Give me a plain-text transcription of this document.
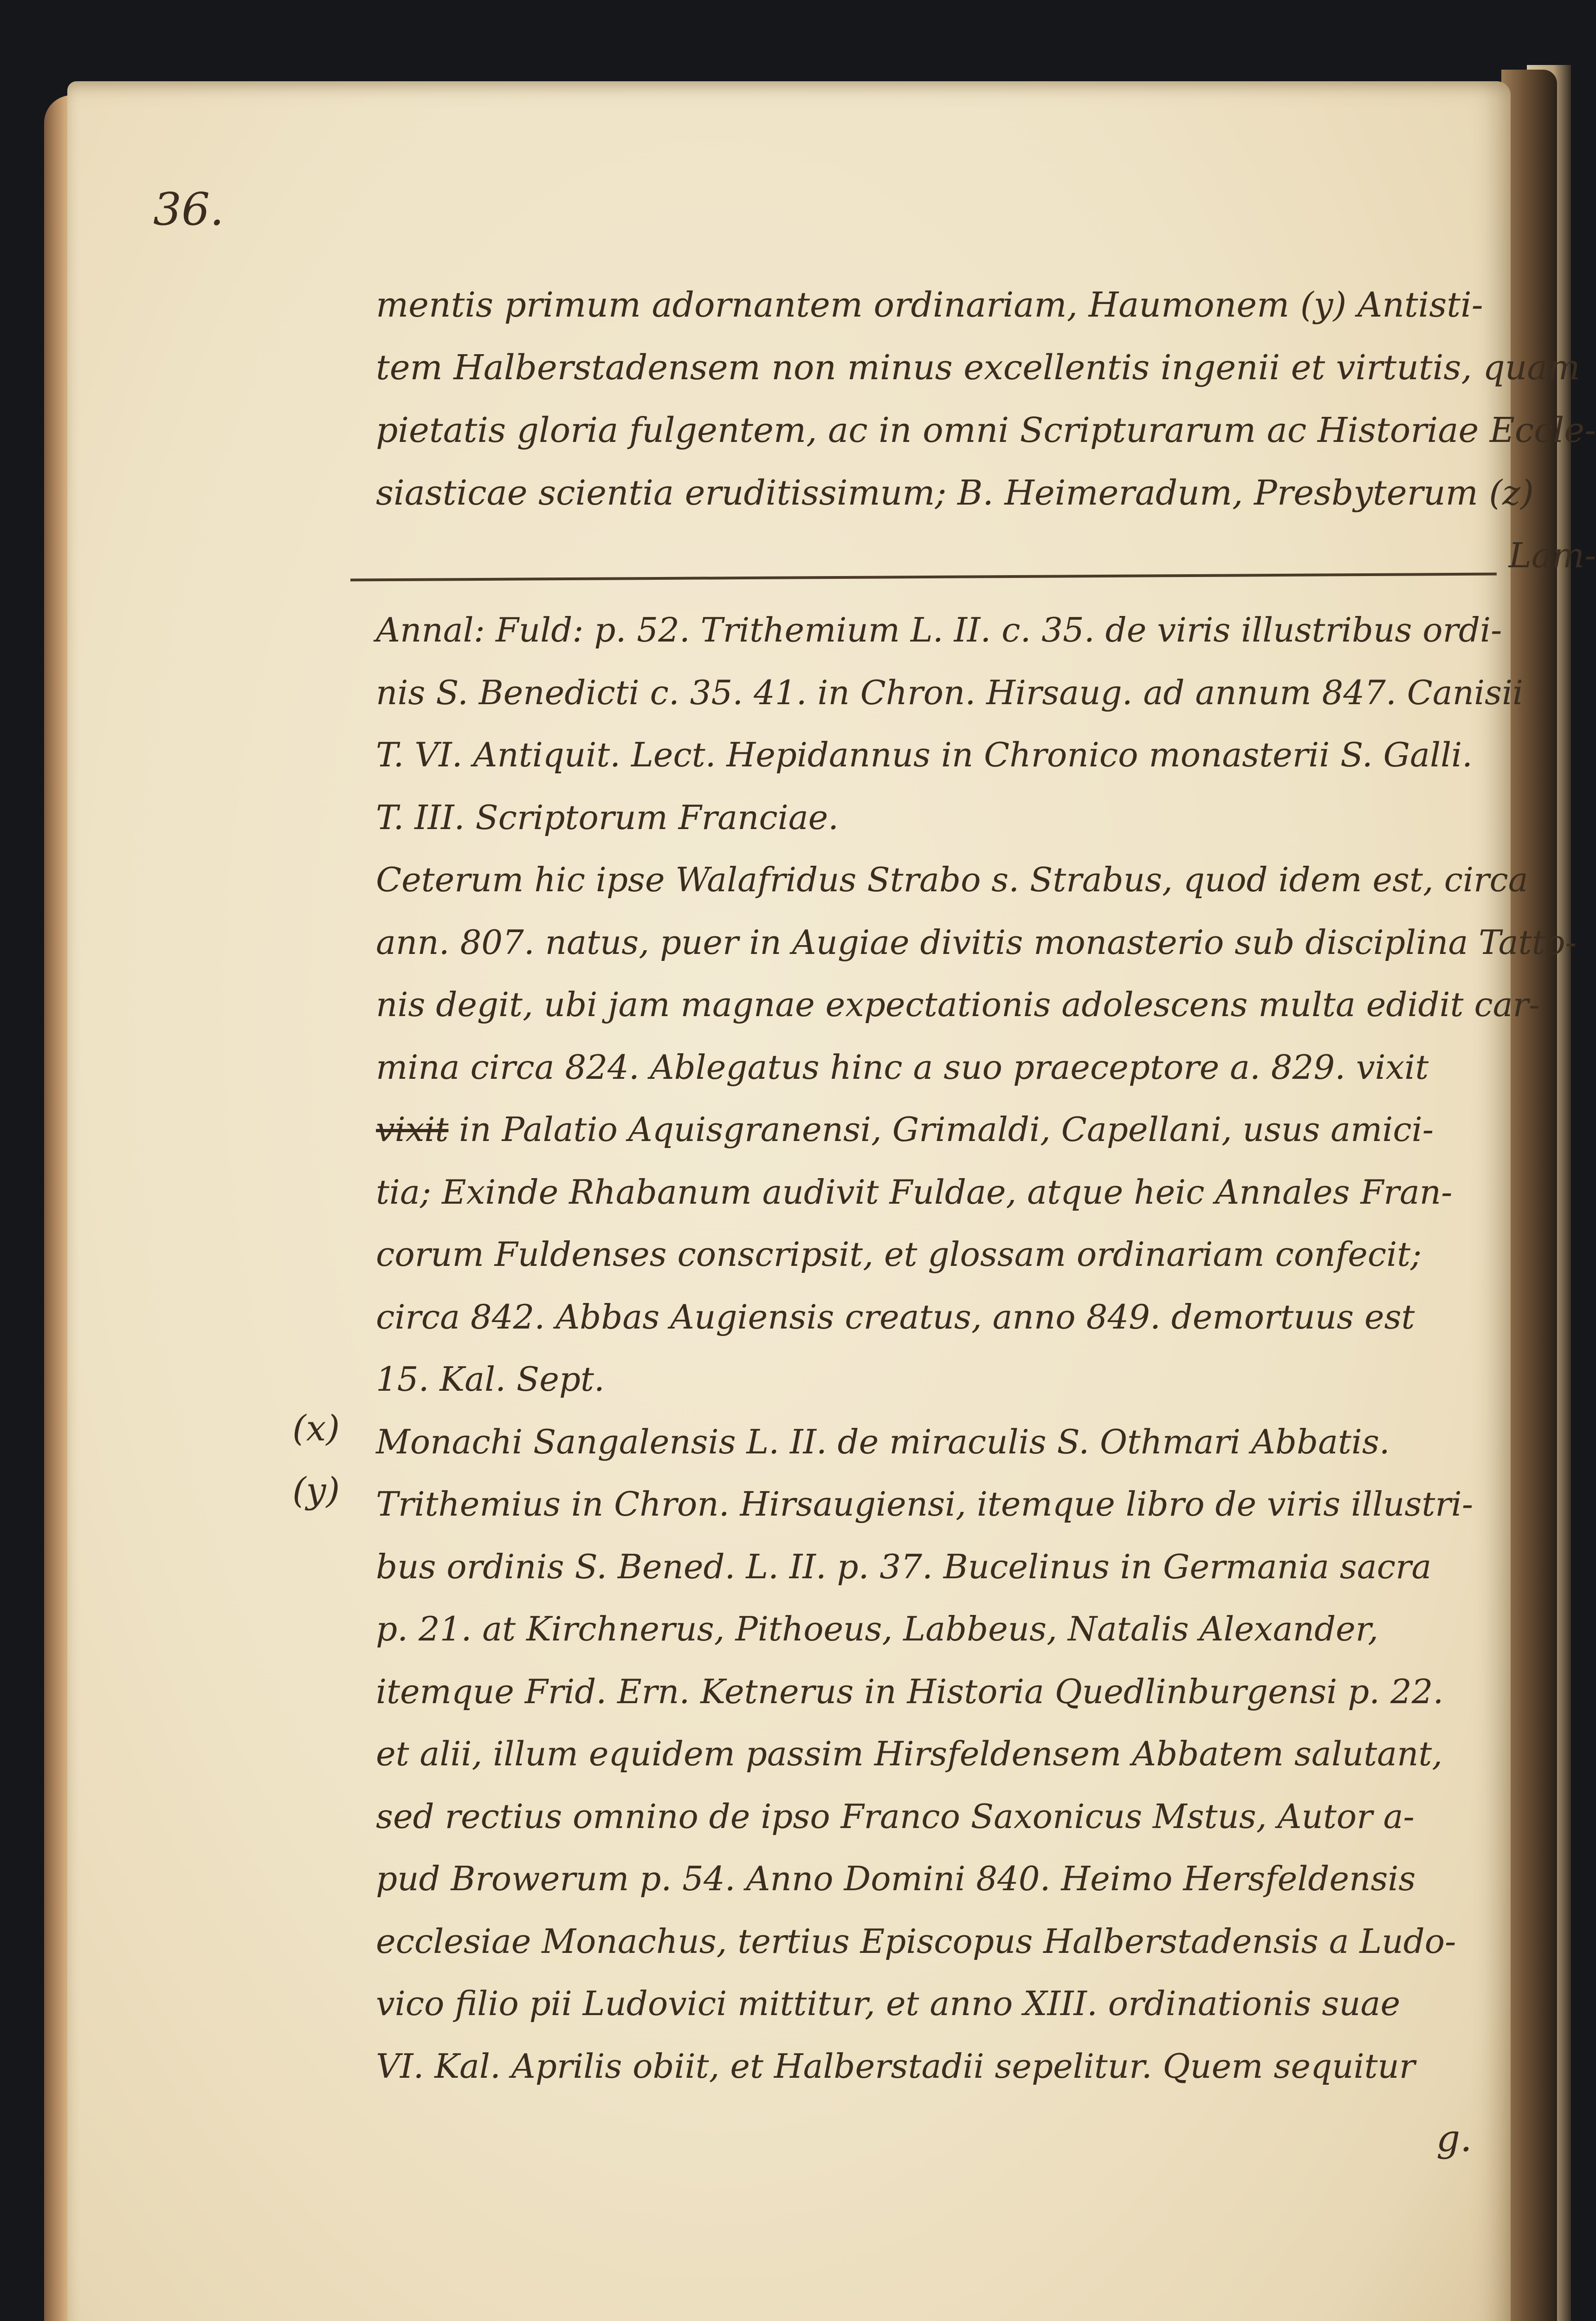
36.
mentis primum adornantem ordinariam, Haumonem (y) Antisti-
tem Halberstadensem non minus excellentis ingenii et virtutis, quam
pietatis gloria fulgentem, ac in omni Scripturarum ac Historiae Eccle-
siasticae scientia eruditissimum; B. Heimeradum, Presbyterum (z)
Lam-
Annal: Fuld: p. 52. Trithemium L. II. c. 35. de viris illustribus ordi-
nis S. Benedicti c. 35. 41. in Chron. Hirsaug. ad annum 847. Canisii
T. VI. Antiquit. Lect. Hepidannus in Chronico monasterii S. Galli.
T. III. Scriptorum Franciae.
Ceterum hic ipse Walafridus Strabo s. Strabus, quod idem est, circa
ann. 807. natus, puer in Augiae divitis monasterio sub disciplina Tatto-
nis degit, ubi jam magnae expectationis adolescens multa edidit car-
mina circa 824. Ablegatus hinc a suo praeceptore a. 829. vixit
vixit in Palatio Aquisgranensi, Grimaldi, Capellani, usus amici-
tia; Exinde Rhabanum audivit Fuldae, atque heic Annales Fran-
corum Fuldenses conscripsit, et glossam ordinariam confecit;
circa 842. Abbas Augiensis creatus, anno 849. demortuus est
15. Kal. Sept.
Monachi Sangalensis L. II. de miraculis S. Othmari Abbatis.
Trithemius in Chron. Hirsaugiensi, itemque libro de viris illustri-
bus ordinis S. Bened. L. II. p. 37. Bucelinus in Germania sacra
p. 21. at Kirchnerus, Pithoeus, Labbeus, Natalis Alexander,
itemque Frid. Ern. Ketnerus in Historia Quedlinburgensi p. 22.
et alii, illum equidem passim Hirsfeldensem Abbatem salutant,
sed rectius omnino de ipso Franco Saxonicus Mstus, Autor a-
pud Browerum p. 54. Anno Domini 840. Heimo Hersfeldensis
ecclesiae Monachus, tertius Episcopus Halberstadensis a Ludo-
vico filio pii Ludovici mittitur, et anno XIII. ordinationis suae
VI. Kal. Aprilis obiit, et Halberstadii sepelitur. Quem sequitur
(x)
(y)
g.
